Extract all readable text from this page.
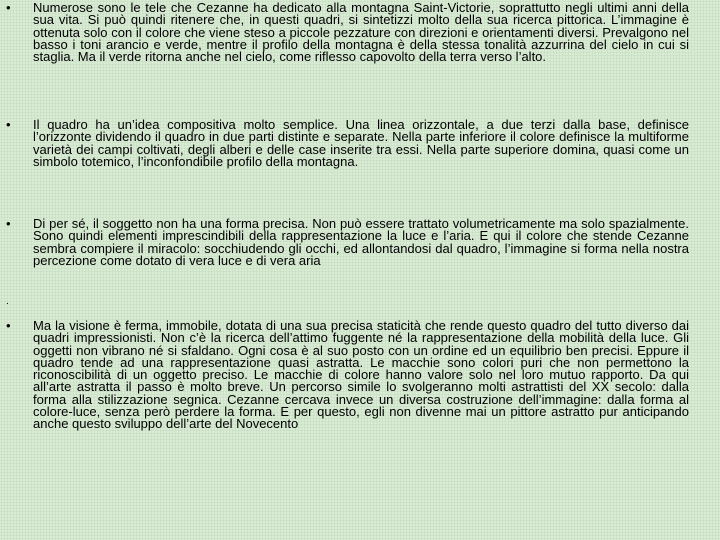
• Numerose sono le tele che Cezanne ha dedicato alla montagna Saint-Victorie, soprattutto negli ultimi anni della sua vita. Si può quindi ritenere che, in questi quadri, si sintetizzi molto della sua ricerca pittorica. L’immagine è ottenuta solo con il colore che viene steso a piccole pezzature con direzioni e orientamenti diversi. Prevalgono nel basso i toni arancio e verde, mentre il profilo della montagna è della stessa tonalità azzurrina del cielo in cui si staglia. Ma il verde ritorna anche nel cielo, come riflesso capovolto della terra verso l’alto.
• Il quadro ha un’idea compositiva molto semplice. Una linea orizzontale, a due terzi dalla base, definisce l’orizzonte dividendo il quadro in due parti distinte e separate. Nella parte inferiore il colore definisce la multiforme varietà dei campi coltivati, degli alberi e delle case inserite tra essi. Nella parte superiore domina, quasi come un simbolo totemico, l’inconfondibile profilo della montagna.
• Di per sé, il soggetto non ha una forma precisa. Non può essere trattato volumetricamente ma solo spazialmente. Sono quindi elementi imprescindibili della rappresentazione la luce e l’aria. E qui il colore che stende Cezanne sembra compiere il miracolo: socchiudendo gli occhi, ed allontandosi dal quadro, l’immagine si forma nella nostra percezione come dotato di vera luce e di vera aria
• Ma la visione è ferma, immobile, dotata di una sua precisa staticità che rende questo quadro del tutto diverso dai quadri impressionisti. Non c’è la ricerca dell’attimo fuggente né la rappresentazione della mobilità della luce. Gli oggetti non vibrano né si sfaldano. Ogni cosa è al suo posto con un ordine ed un equilibrio ben precisi. Eppure il quadro tende ad una rappresentazione quasi astratta. Le macchie sono colori puri che non permettono la riconoscibilità di un oggetto preciso. Le macchie di colore hanno valore solo nel loro mutuo rapporto. Da qui all’arte astratta il passo è molto breve. Un percorso simile lo svolgeranno molti astrattisti del XX secolo: dalla forma alla stilizzazione segnica. Cezanne cercava invece un diversa costruzione dell’immagine: dalla forma al colore-luce, senza però perdere la forma. E per questo, egli non divenne mai un pittore astratto pur anticipando anche questo sviluppo dell’arte del Novecento
.
